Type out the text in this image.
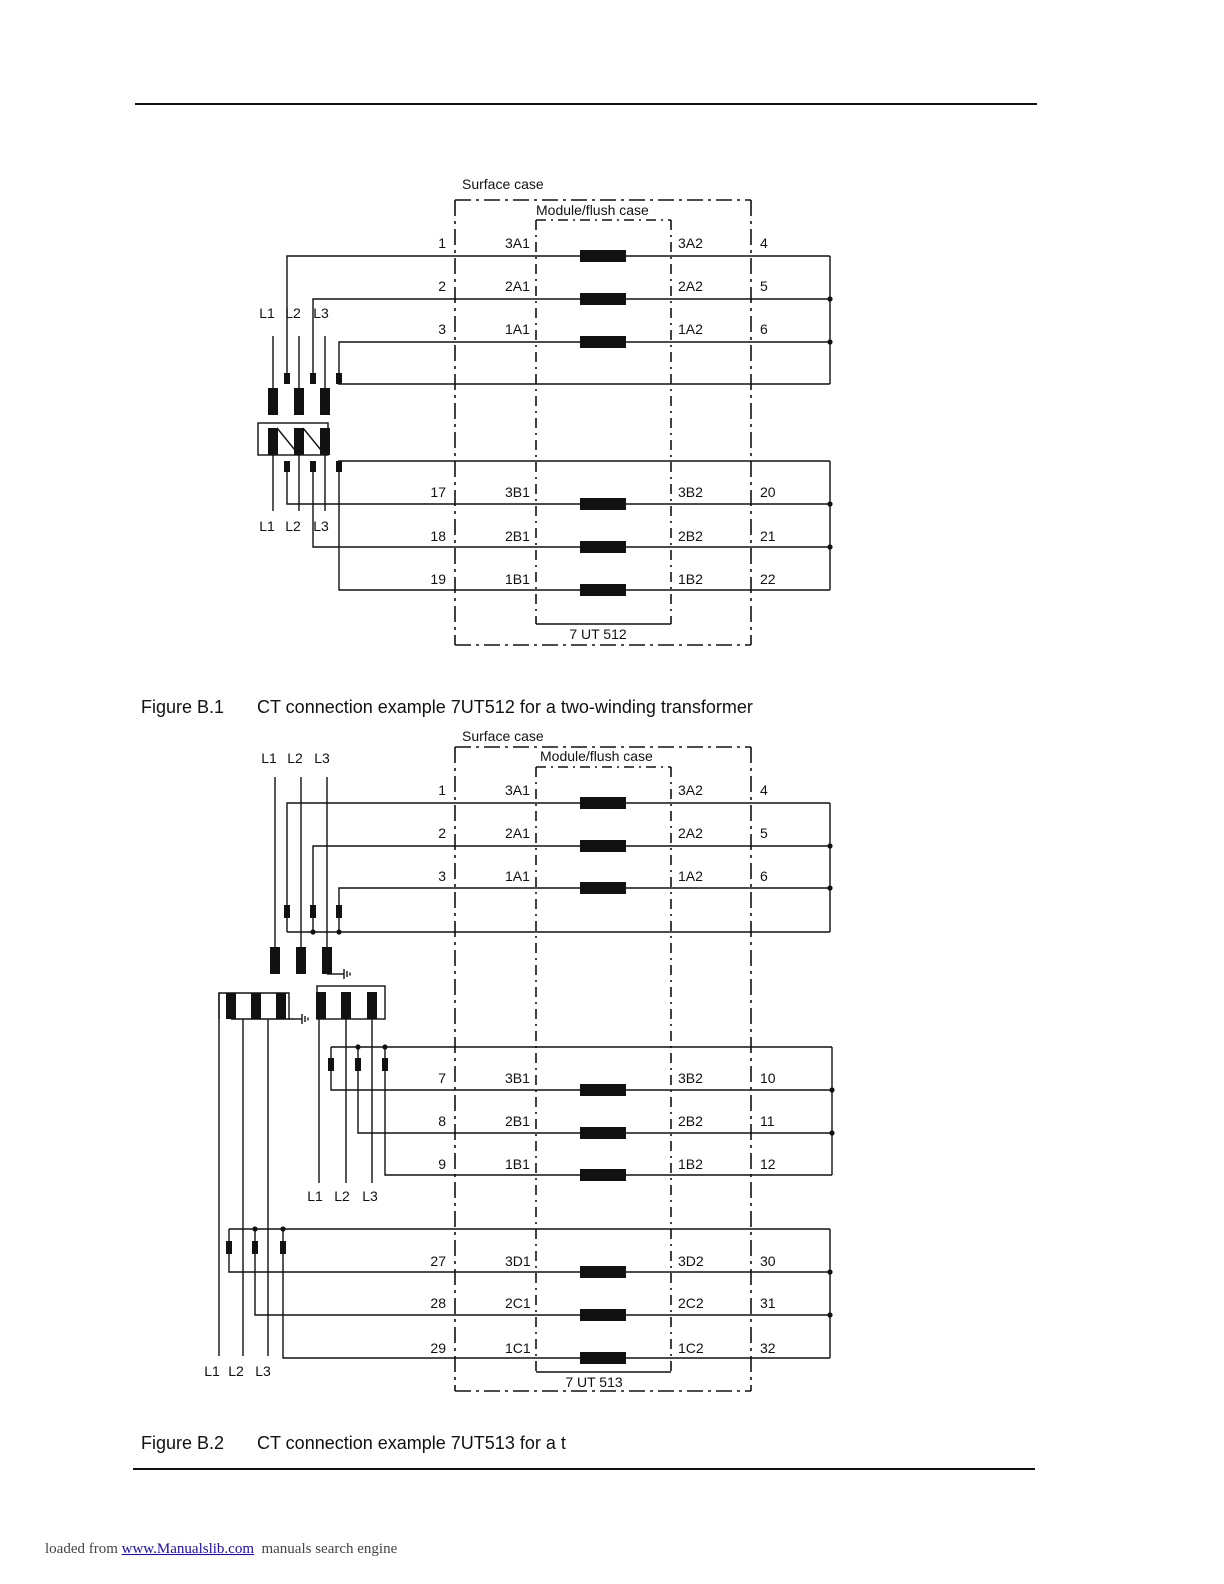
Surface case
Module/flush case
7 UT 512
1	3A1	3A2	4
2	2A1	2A2	5
3	1A1	1A2	6
17	3B1	3B2	20
18	2B1	2B2	21
19	1B1	1B2	22
L1 L2 L3
L1 L2 L3
Surface case
Module/flush case
7 UT 513
1	3A1	3A2	4
2	2A1	2A2	5
3	1A1	1A2	6
7	3B1	3B2	10
8	2B1	2B2	11
9	1B1	1B2	12
27	3D1	3D2	30
28	2C1	2C2	31
29	1C1	1C2	32
L1 L2 L3
L1 L2 L3
L1 L2 L3

Figure B.1 CT connection example 7UT512 for a two-winding transformer

Figure B.2 CT connection example 7UT513 for a t

loaded from www.Manualslib.com  manuals search engine
